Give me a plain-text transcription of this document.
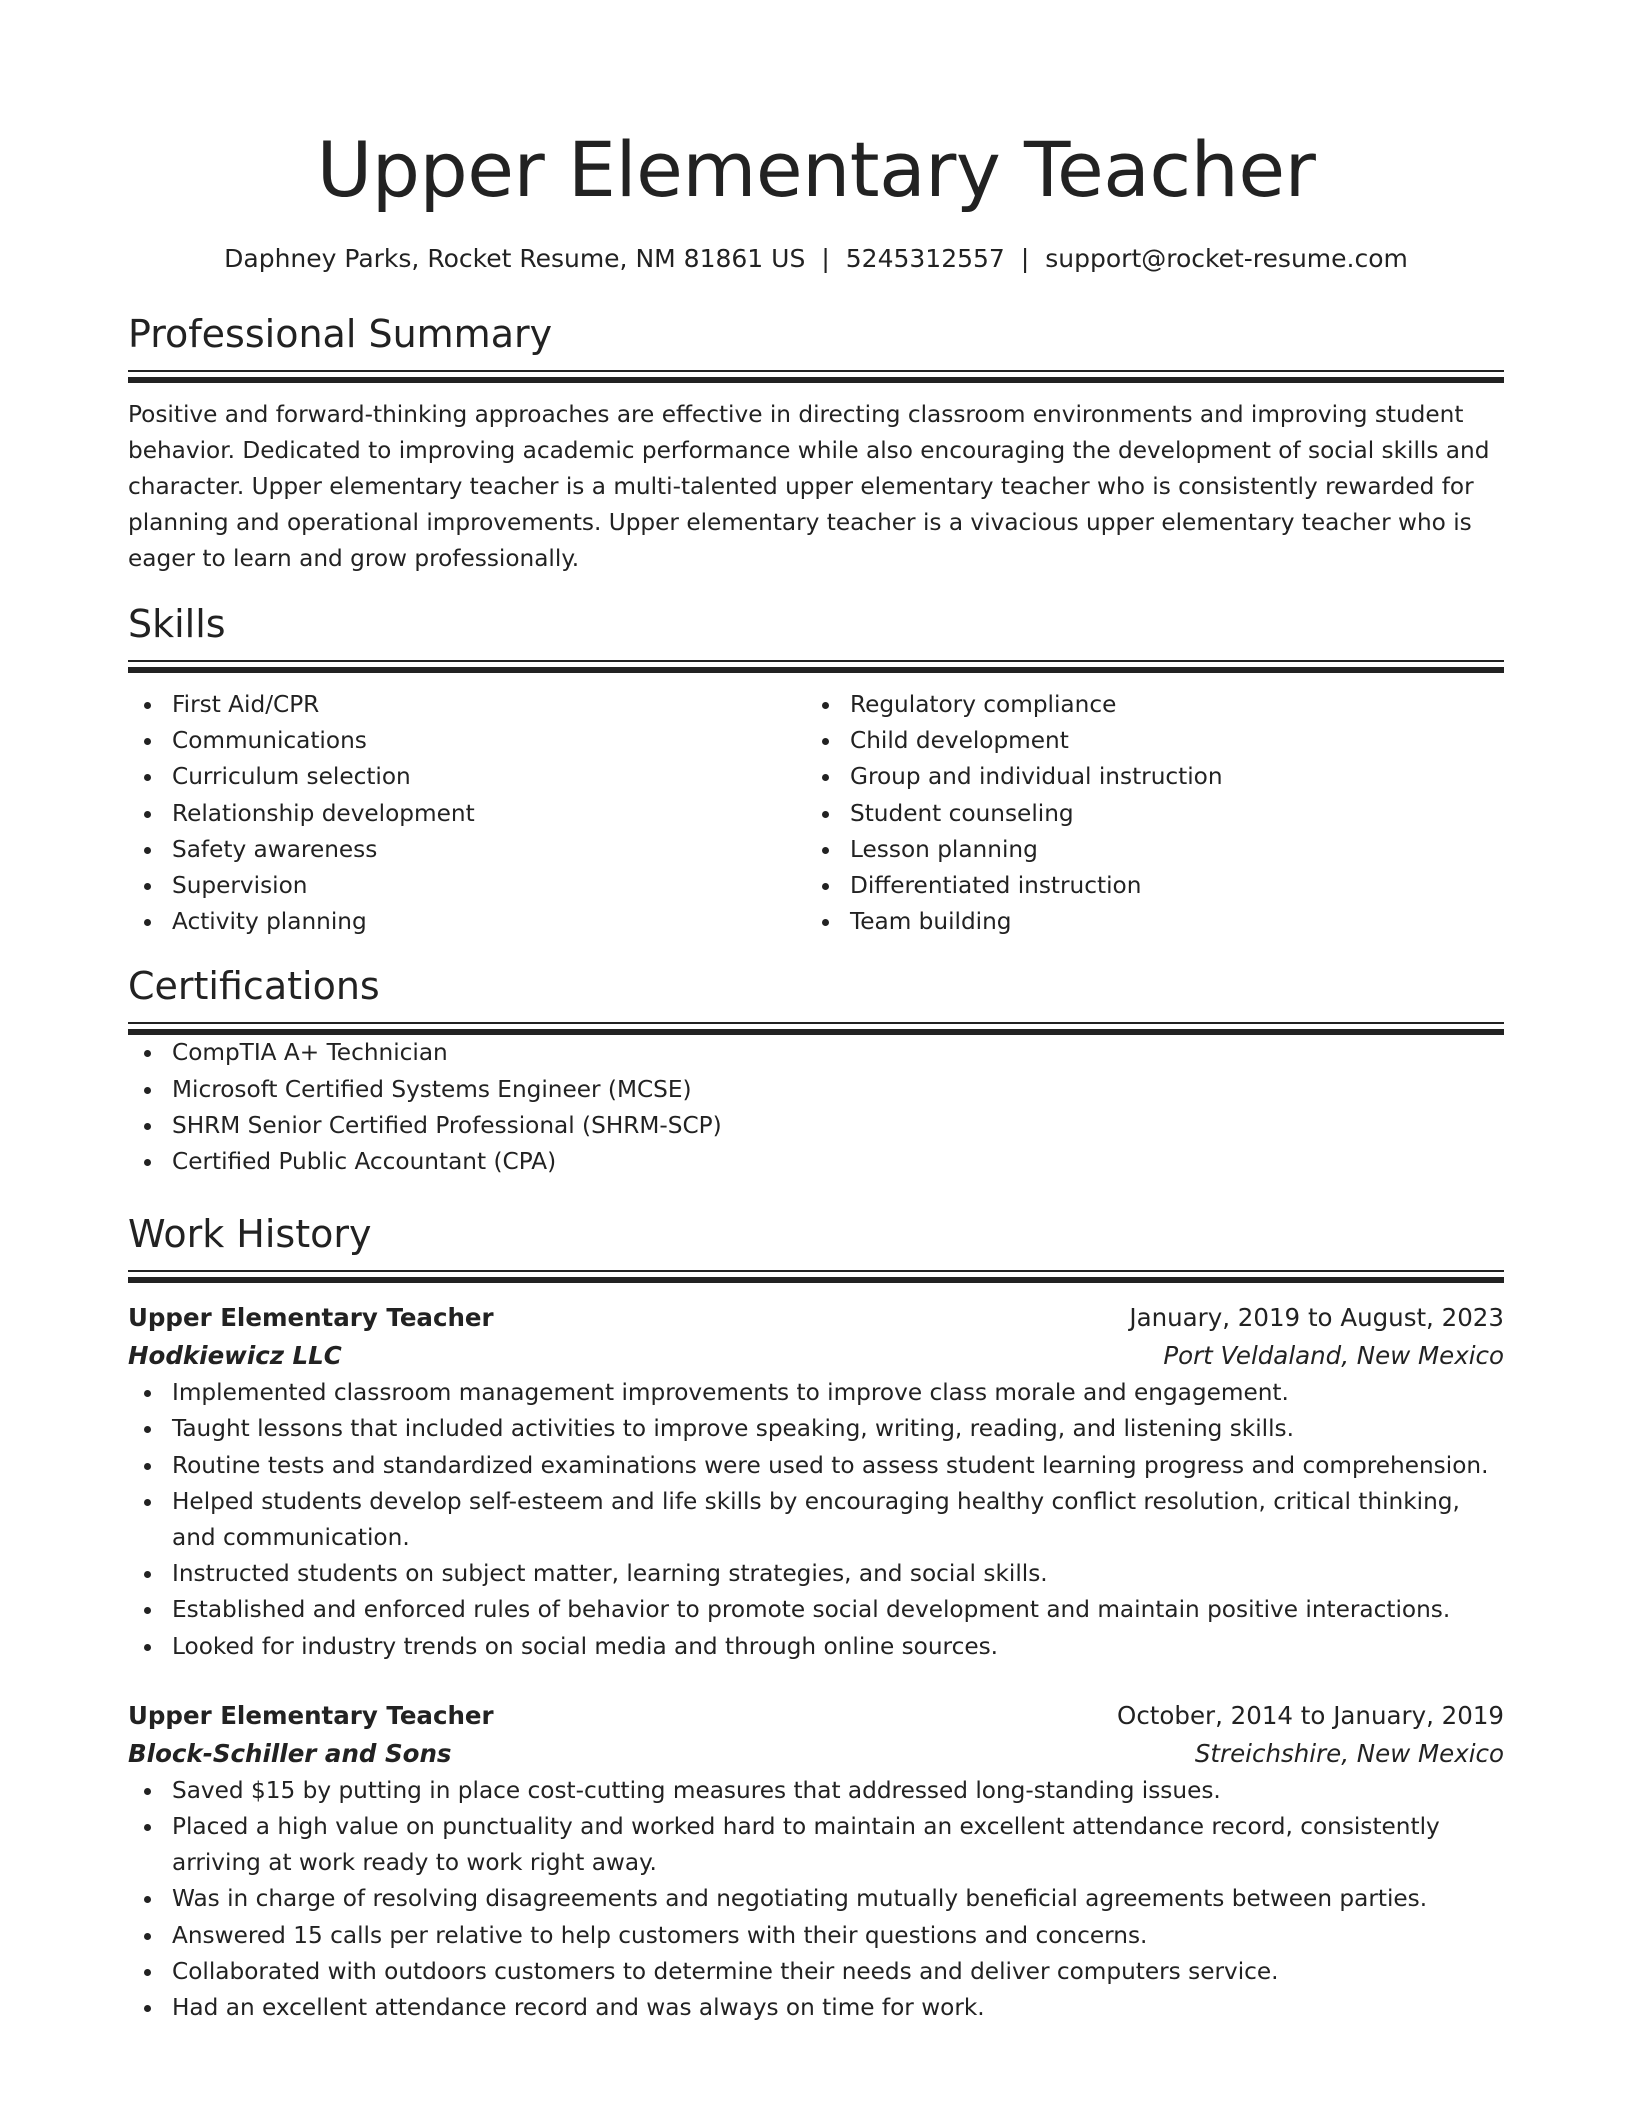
Upper Elementary Teacher
Daphney Parks, Rocket Resume, NM 81861 US | 5245312557 | support@rocket-resume.com
Professional Summary

Positive and forward-thinking approaches are effective in directing classroom environments and improving student behavior. Dedicated to improving academic performance while also encouraging the development of social skills and character. Upper elementary teacher is a multi-talented upper elementary teacher who is consistently rewarded for planning and operational improvements. Upper elementary teacher is a vivacious upper elementary teacher who is eager to learn and grow professionally.

Skills
First Aid/CPR
Communications
Curriculum selection
Relationship development
Safety awareness
Supervision
Activity planning
Regulatory compliance
Child development
Group and individual instruction
Student counseling
Lesson planning
Differentiated instruction
Team building
Certifications
CompTIA A+ Technician
Microsoft Certified Systems Engineer (MCSE)
SHRM Senior Certified Professional (SHRM-SCP)
Certified Public Accountant (CPA)
Work History
Upper Elementary Teacher	January, 2019 to August, 2023
Hodkiewicz LLC	Port Veldaland, New Mexico
Implemented classroom management improvements to improve class morale and engagement.
Taught lessons that included activities to improve speaking, writing, reading, and listening skills.
Routine tests and standardized examinations were used to assess student learning progress and comprehension.
Helped students develop self-esteem and life skills by encouraging healthy conflict resolution, critical thinking, and communication.
Instructed students on subject matter, learning strategies, and social skills.
Established and enforced rules of behavior to promote social development and maintain positive interactions.
Looked for industry trends on social media and through online sources.
Upper Elementary Teacher	October, 2014 to January, 2019
Block-Schiller and Sons	Streichshire, New Mexico
Saved $15 by putting in place cost-cutting measures that addressed long-standing issues.
Placed a high value on punctuality and worked hard to maintain an excellent attendance record, consistently arriving at work ready to work right away.
Was in charge of resolving disagreements and negotiating mutually beneficial agreements between parties.
Answered 15 calls per relative to help customers with their questions and concerns.
Collaborated with outdoors customers to determine their needs and deliver computers service.
Had an excellent attendance record and was always on time for work.
